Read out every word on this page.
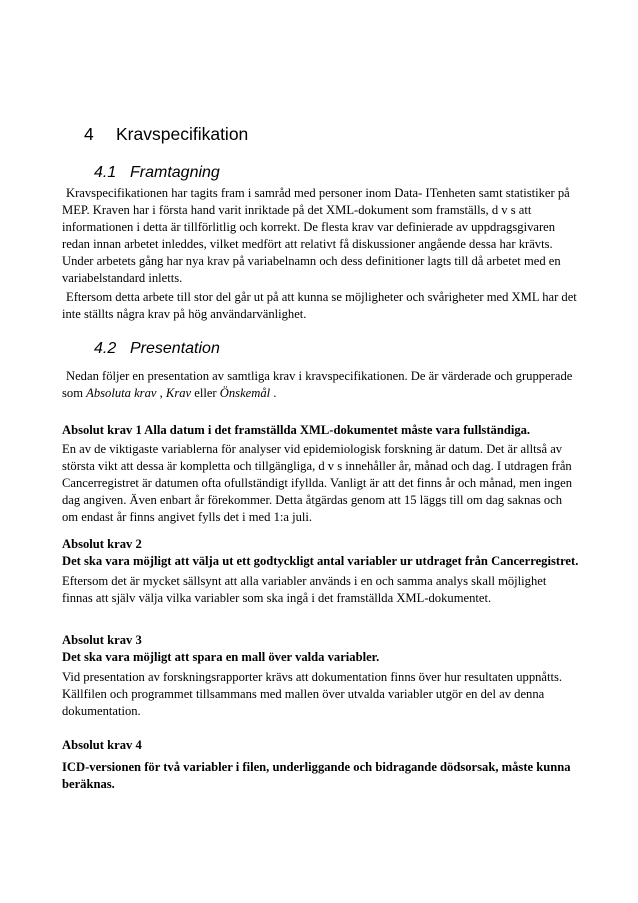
4 Kravspecifikation
4.1 Framtagning

Kravspecifikationen har tagits fram i samråd med personer inom Data- ITenheten samt statistiker på MEP. Kraven har i första hand varit inriktade på det XML-dokument som framställs, d v s att informationen i detta är tillförlitlig och korrekt. De flesta krav var definierade av uppdragsgivaren redan innan arbetet inleddes, vilket medfört att relativt få diskussioner angående dessa har krävts. Under arbetets gång har nya krav på variabelnamn och dess definitioner lagts till då arbetet med en variabelstandard inletts.

Eftersom detta arbete till stor del går ut på att kunna se möjligheter och svårigheter med XML har det inte ställts några krav på hög användarvänlighet.

4.2 Presentation

Nedan följer en presentation av samtliga krav i kravspecifikationen. De är värderade och grupperade som Absoluta krav , Krav eller Önskemål .

Absolut krav 1 Alla datum i det framställda XML-dokumentet måste vara fullständiga.

En av de viktigaste variablerna för analyser vid epidemiologisk forskning är datum. Det är alltså av största vikt att dessa är kompletta och tillgängliga, d v s innehåller år, månad och dag. I utdragen från Cancerregistret är datumen ofta ofullständigt ifyllda. Vanligt är att det finns år och månad, men ingen dag angiven. Även enbart år förekommer. Detta åtgärdas genom att 15 läggs till om dag saknas och om endast år finns angivet fylls det i med 1:a juli.

Absolut krav 2

Det ska vara möjligt att välja ut ett godtyckligt antal variabler ur utdraget från Cancerregistret.

Eftersom det är mycket sällsynt att alla variabler används i en och samma analys skall möjlighet finnas att själv välja vilka variabler som ska ingå i det framställda XML-dokumentet.

Absolut krav 3

Det ska vara möjligt att spara en mall över valda variabler.

Vid presentation av forskningsrapporter krävs att dokumentation finns över hur resultaten uppnåtts. Källfilen och programmet tillsammans med mallen över utvalda variabler utgör en del av denna dokumentation.

Absolut krav 4

ICD-versionen för två variabler i filen, underliggande och bidragande dödsorsak, måste kunna beräknas.
